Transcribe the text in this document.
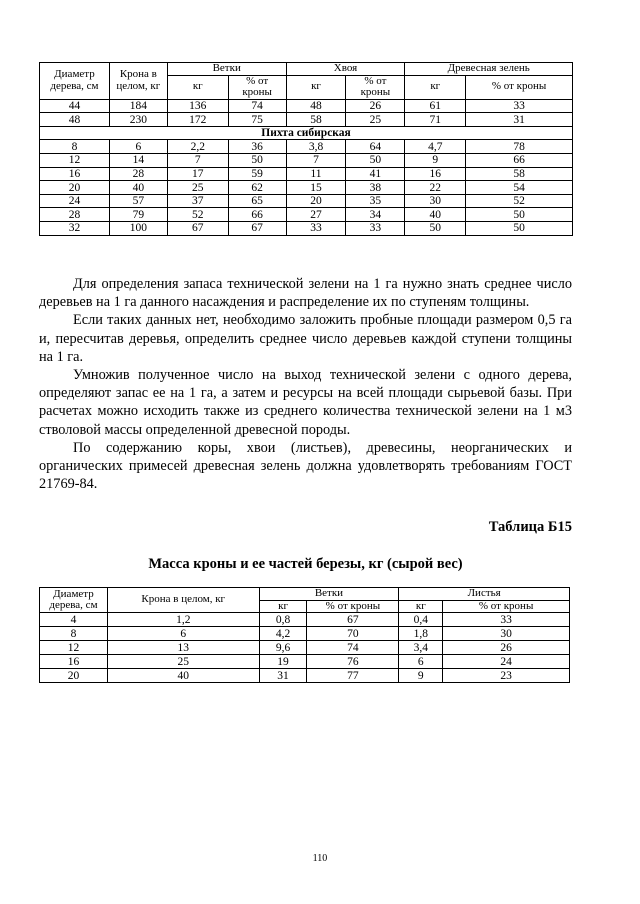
Диаметр дерева, см	Крона в целом, кг	Ветки		Хвоя		Древесная зелень	
		кг	% от кроны	кг	% от кроны	кг	% от кроны
44	184	136	74	48	26	61	33
48	230	172	75	58	25	71	31
Пихта сибирская							
8	6	2,2	36	3,8	64	4,7	78
12	14	7	50	7	50	9	66
16	28	17	59	11	41	16	58
20	40	25	62	15	38	22	54
24	57	37	65	20	35	30	52
28	79	52	66	27	34	40	50
32	100	67	67	33	33	50	50

Для определения запаса технической зелени на 1 га нужно знать среднее число деревьев на 1 га данного насаждения и распределение их по ступеням толщины.

Если таких данных нет, необходимо заложить пробные площади размером 0,5 га и, пересчитав деревья, определить среднее число деревьев каждой ступени толщины на 1 га.

Умножив полученное число на выход технической зелени с одного дерева, определяют запас ее на 1 га, а затем и ресурсы на всей площади сырьевой базы. При расчетах можно исходить также из среднего количества технической зелени на 1 м3 стволовой массы определенной древесной породы.

По содержанию коры, хвои (листьев), древесины, неорганических и органических примесей древесная зелень должна удовлетворять требованиям ГОСТ 21769-84.

Таблица Б15
Масса кроны и ее частей березы, кг (сырой вес)
Диаметр дерева, см	Крона в целом, кг	Ветки		Листья	
		кг	% от кроны	кг	% от кроны
4	1,2	0,8	67	0,4	33
8	6	4,2	70	1,8	30
12	13	9,6	74	3,4	26
16	25	19	76	6	24
20	40	31	77	9	23
110
